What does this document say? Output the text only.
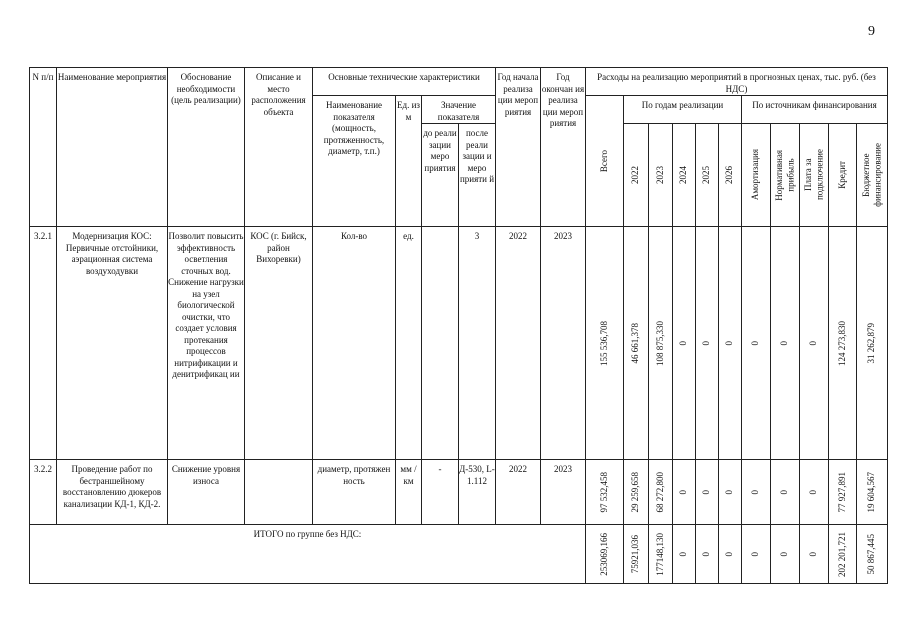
9
N п/п	Наименование мероприятия	Обоснование необходимости (цель реализации)	Описание и место расположения объекта	Основные технические характеристики				Год начала реализа ции мероп риятия	Год окончан ия реализа ции мероп риятия	Расходы на реализацию мероприятий в прогнозных ценах, тыс. руб. (без НДС)										
				Наименование показателя (мощность, протяженность, диаметр, т.п.)	Ед. из м	Значение показателя				Всего	По годам реализации					По источникам финансирования				
						до реали зации меро приятия	после реали зации и меро прияти й				2022	2023	2024	2025	2026	Амортизация	Нормативная прибыль	Плата за подключение	Кредит	Бюджетное финансирование

3.2.1	Модернизация КОС: Первичные отстойники, аэрационная система воздуходувки	Позволит повысить эффективность осветления сточных вод. Снижение нагрузки на узел биологической очистки, что создает условия протекания процессов нитрификации и денитрификац ии	КОС (г. Бийск, район Вихоревки)	Кол-во	ед.		3	2022	2023	155 536,708	46 661,378	108 875,330	0	0	0	0	0	0	124 273,830	31 262,879

3.2.2	Проведение работ по бестраншейному восстановлению дюкеров канализации КД-1, КД-2.	Снижение уровня износа		диаметр, протяжен ность	мм / км	-	Д-530, L-1.112	2022	2023	97 532,458	29 259,658	68 272,800	0	0	0	0	0	0	77 927,891	19 604,567

ИТОГО по группе без НДС:										253069,166	75921,036	177148,130	0	0	0	0	0	0	202 201,721	50 867,445
